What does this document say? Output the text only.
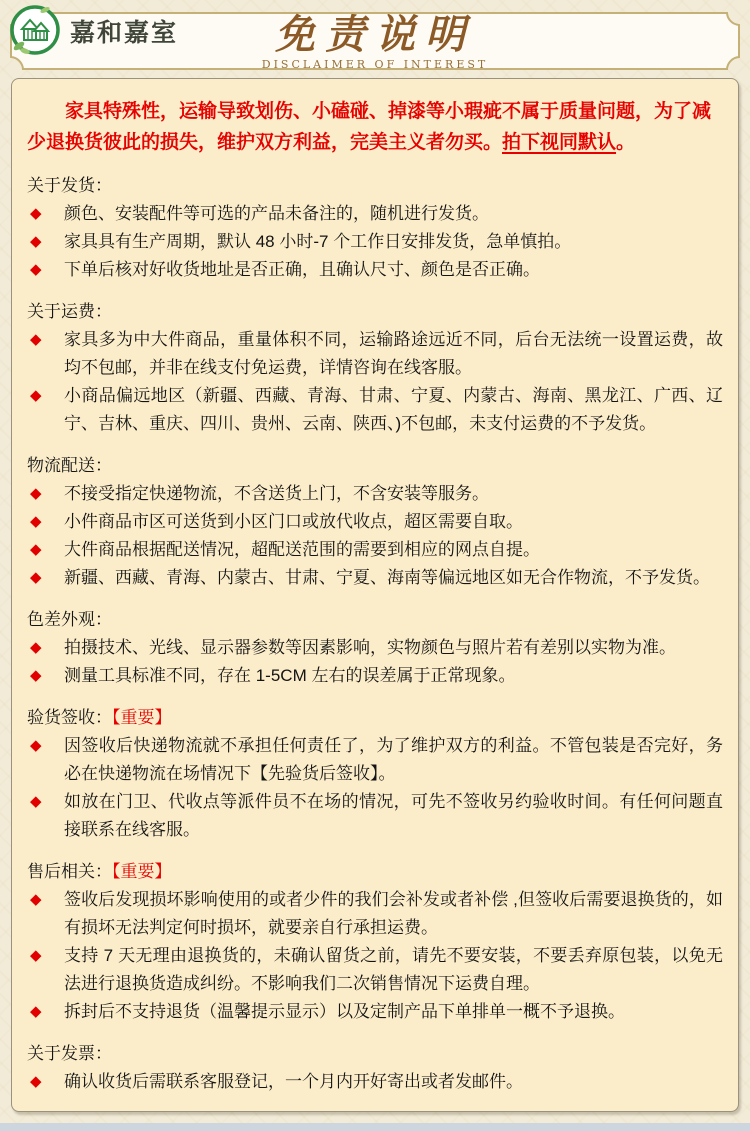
嘉和嘉室	免责说明
DISCLAIMER OF INTEREST

家具特殊性，运输导致划伤、小磕碰、掉漆等小瑕疵不属于质量问题，为了减少退换货彼此的损失，维护双方利益，完美主义者勿买。拍下视同默认。

关于发货：
◆ 颜色、安装配件等可选的产品未备注的，随机进行发货。
◆ 家具具有生产周期，默认 48 小时-7 个工作日安排发货，急单慎拍。
◆ 下单后核对好收货地址是否正确，且确认尺寸、颜色是否正确。
关于运费：
◆ 家具多为中大件商品，重量体积不同，运输路途远近不同，后台无法统一设置运费，故均不包邮，并非在线支付免运费，详情咨询在线客服。
◆ 小商品偏远地区（新疆、西藏、青海、甘肃、宁夏、内蒙古、海南、黑龙江、广西、辽宁、吉林、重庆、四川、贵州、云南、陕西、)不包邮，未支付运费的不予发货。
物流配送：
◆ 不接受指定快递物流，不含送货上门，不含安装等服务。
◆ 小件商品市区可送货到小区门口或放代收点，超区需要自取。
◆ 大件商品根据配送情况，超配送范围的需要到相应的网点自提。
◆ 新疆、西藏、青海、内蒙古、甘肃、宁夏、海南等偏远地区如无合作物流，不予发货。
色差外观：
◆ 拍摄技术、光线、显示器参数等因素影响，实物颜色与照片若有差别以实物为准。
◆ 测量工具标准不同，存在 1-5CM 左右的误差属于正常现象。
验货签收：【重要】
◆ 因签收后快递物流就不承担任何责任了，为了维护双方的利益。不管包装是否完好，务必在快递物流在场情况下【先验货后签收】。
◆ 如放在门卫、代收点等派件员不在场的情况，可先不签收另约验收时间。有任何问题直接联系在线客服。
售后相关：【重要】
◆ 签收后发现损坏影响使用的或者少件的我们会补发或者补偿 ,但签收后需要退换货的，如有损坏无法判定何时损坏，就要亲自行承担运费。
◆ 支持 7 天无理由退换货的，未确认留货之前，请先不要安装，不要丢弃原包装，以免无法进行退换货造成纠纷。不影响我们二次销售情况下运费自理。
◆ 拆封后不支持退货（温馨提示显示）以及定制产品下单排单一概不予退换。
关于发票：
◆ 确认收货后需联系客服登记，一个月内开好寄出或者发邮件。
